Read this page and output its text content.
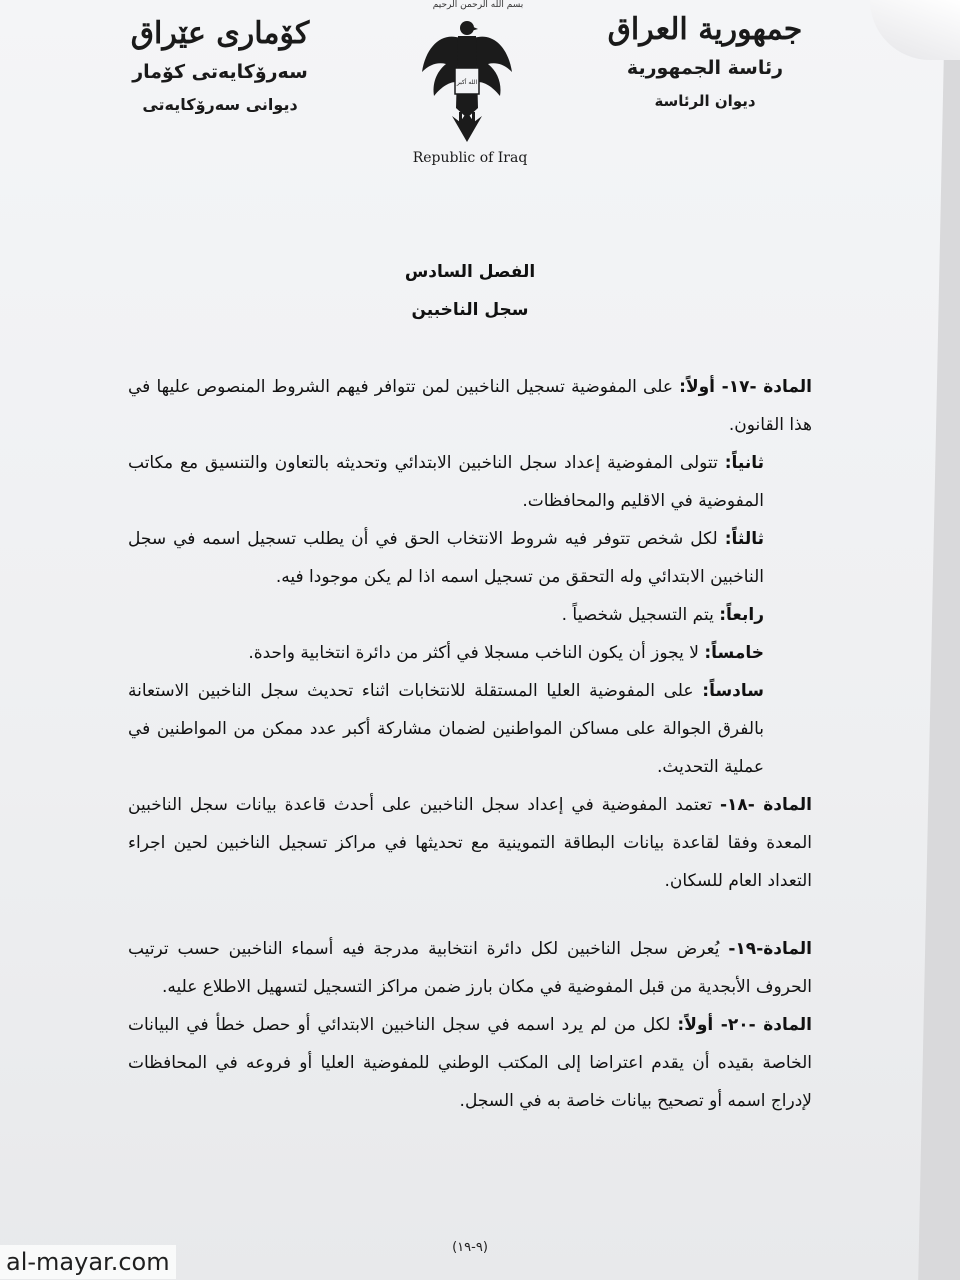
جمهورية العراق
رئاسة الجمهورية
ديوان الرئاسة
كۆمارى عێراق
سەرۆكايەتى كۆمار
ديوانى سەرۆكايەتى
بسم الله الرحمن الرحيم
الله أكبر
Republic of Iraq
الفصل السادس
سجل الناخبين

المادة -١٧- أولاً: على المفوضية تسجيل الناخبين لمن تتوافر فيهم الشروط المنصوص عليها في هذا القانون.

ثانياً: تتولى المفوضية إعداد سجل الناخبين الابتدائي وتحديثه بالتعاون والتنسيق مع مكاتب المفوضية في الاقليم والمحافظات.

ثالثاً: لكل شخص تتوفر فيه شروط الانتخاب الحق في أن يطلب تسجيل اسمه في سجل الناخبين الابتدائي وله التحقق من تسجيل اسمه اذا لم يكن موجودا فيه.

رابعاً: يتم التسجيل شخصياً .

خامساً: لا يجوز أن يكون الناخب مسجلا في أكثر من دائرة انتخابية واحدة.

سادساً: على المفوضية العليا المستقلة للانتخابات اثناء تحديث سجل الناخبين الاستعانة بالفرق الجوالة على مساكن المواطنين لضمان مشاركة أكبر عدد ممكن من المواطنين في عملية التحديث.

المادة -١٨- تعتمد المفوضية في إعداد سجل الناخبين على أحدث قاعدة بيانات سجل الناخبين المعدة وفقا لقاعدة بيانات البطاقة التموينية مع تحديثها في مراكز تسجيل الناخبين لحين اجراء التعداد العام للسكان.

المادة-١٩- يُعرض سجل الناخبين لكل دائرة انتخابية مدرجة فيه أسماء الناخبين حسب ترتيب الحروف الأبجدية من قبل المفوضية في مكان بارز ضمن مراكز التسجيل لتسهيل الاطلاع عليه.

المادة -٢٠- أولاً: لكل من لم يرد اسمه في سجل الناخبين الابتدائي أو حصل خطأ في البيانات الخاصة بقيده أن يقدم اعتراضا إلى المكتب الوطني للمفوضية العليا أو فروعه في المحافظات لإدراج اسمه أو تصحيح بيانات خاصة به في السجل.

(٩-١٩)
al-mayar.com
